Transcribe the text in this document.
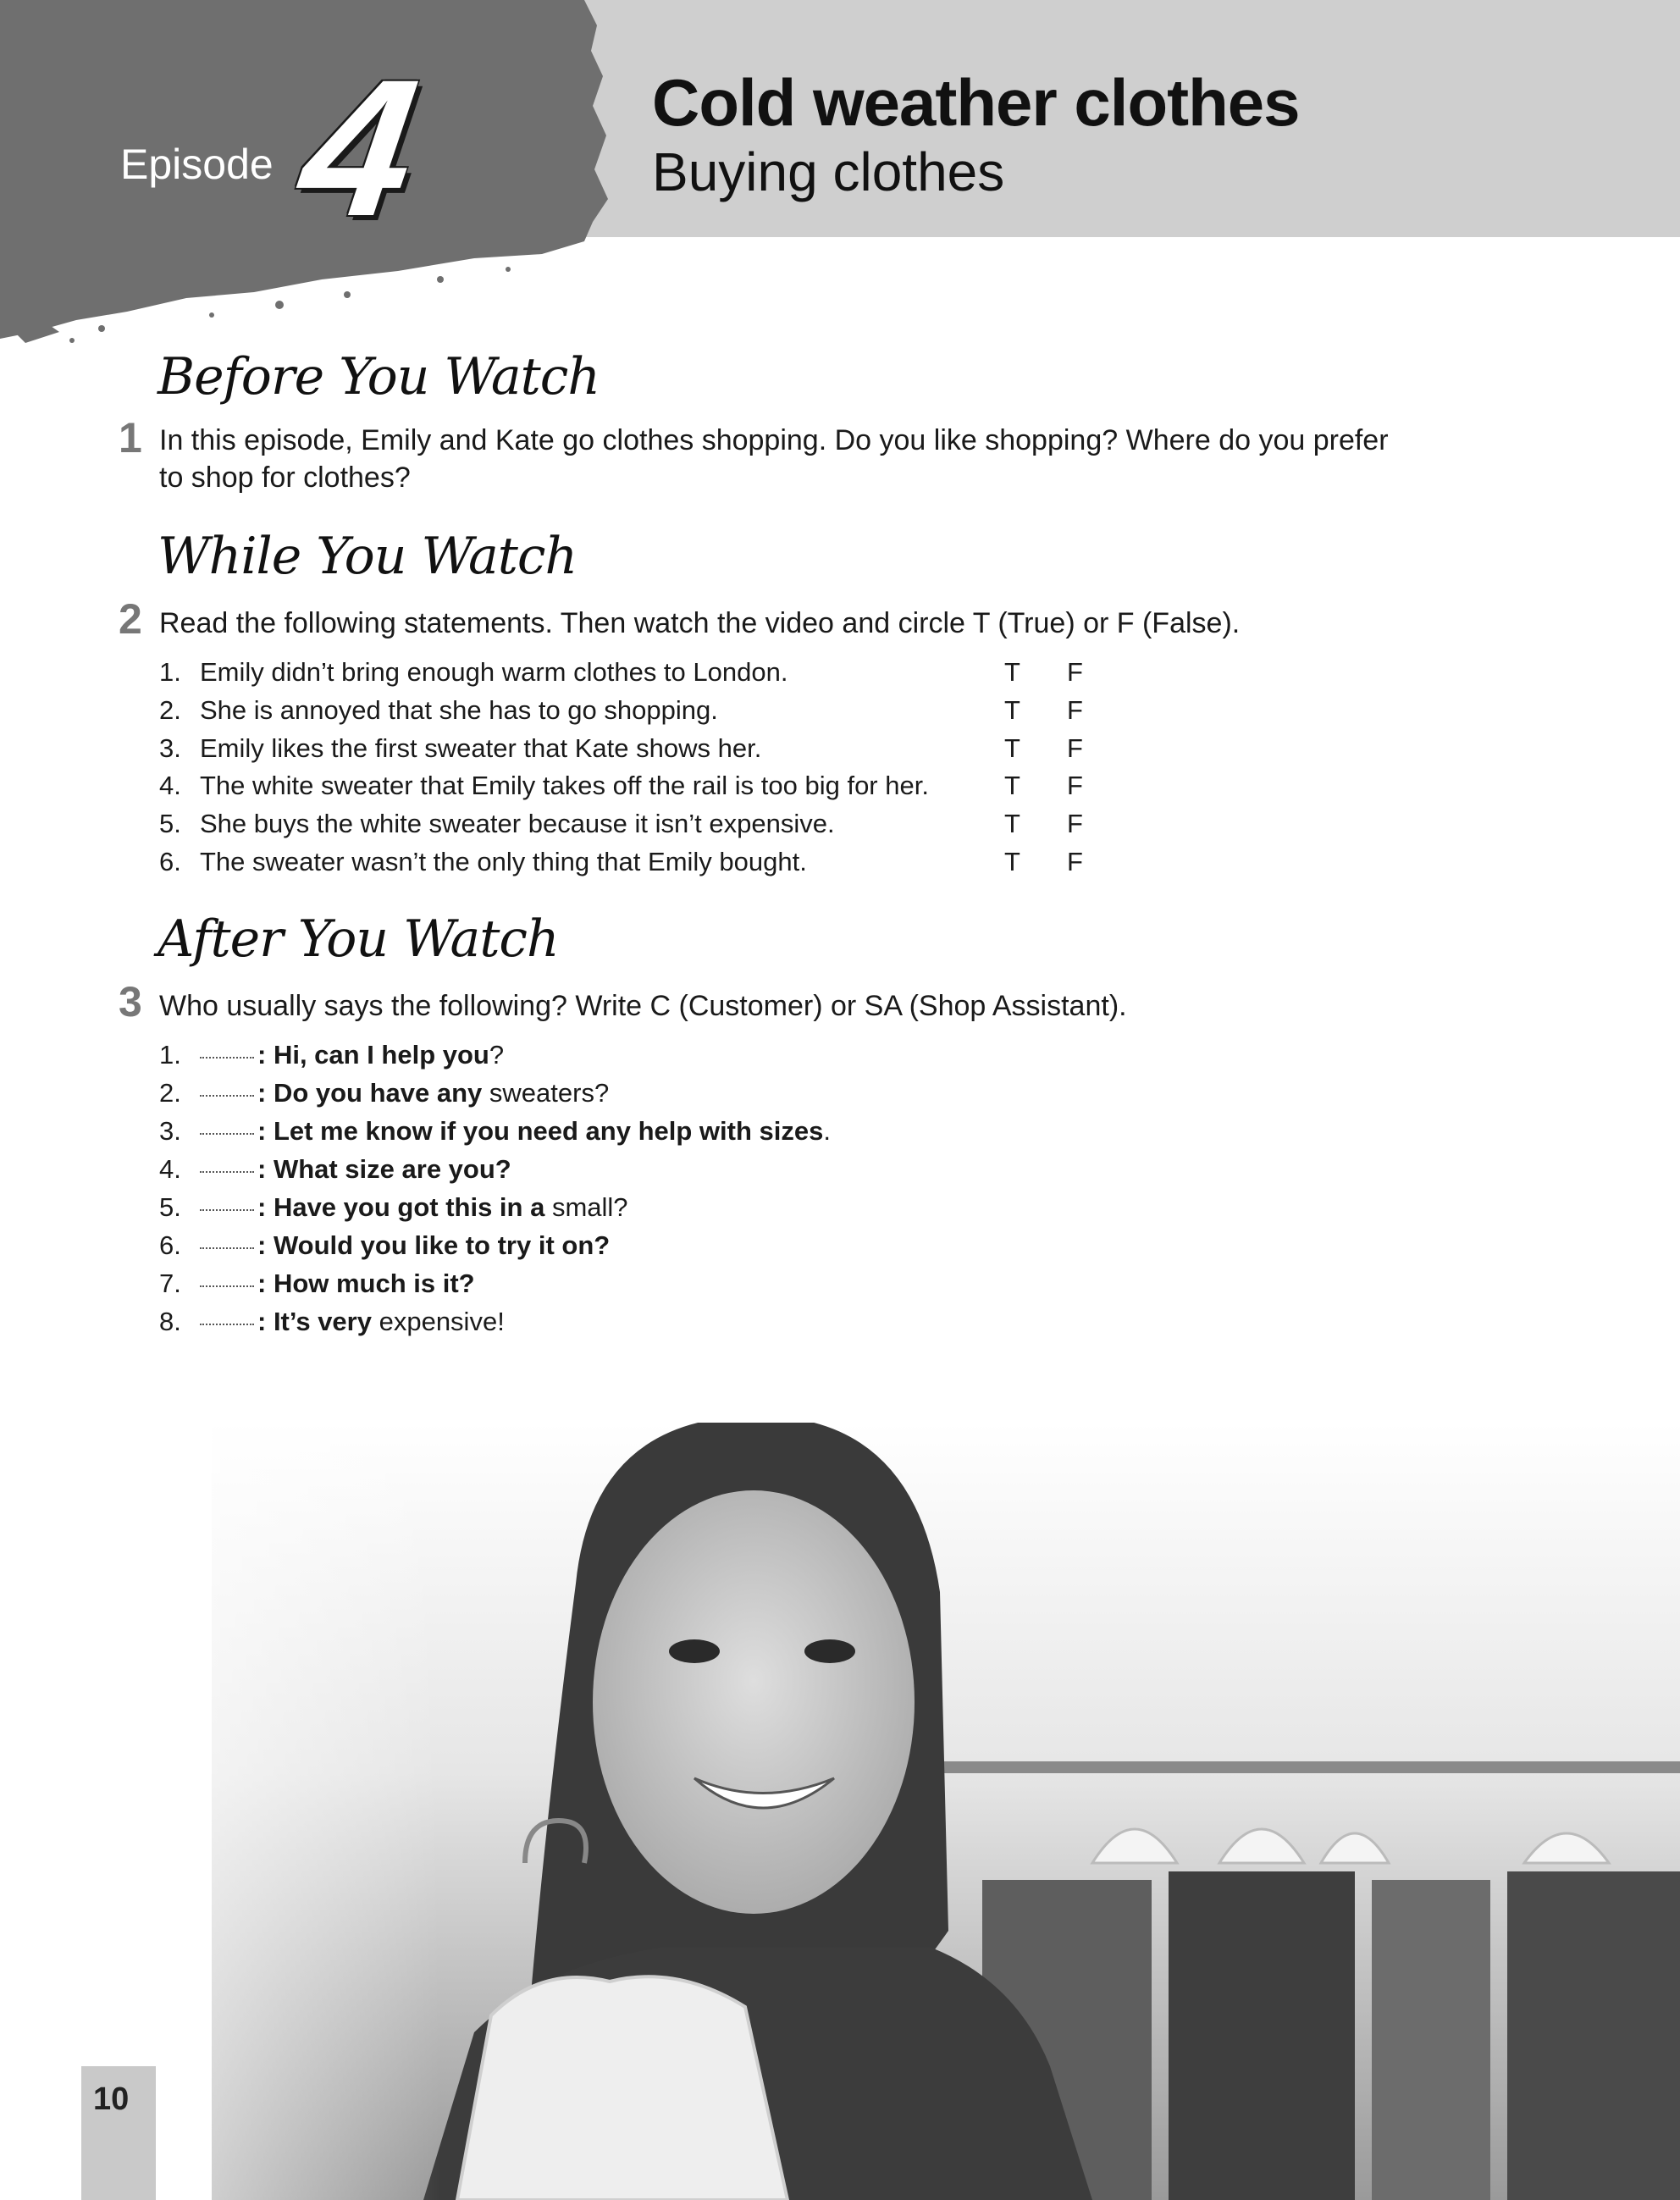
Episode 4	Cold weather clothes
Buying clothes
Before You Watch
1 In this episode, Emily and Kate go clothes shopping. Do you like shopping? Where do you prefer to shop for clothes?
While You Watch
2 Read the following statements. Then watch the video and circle T (True) or F (False).
1. Emily didn’t bring enough warm clothes to London.	T F
2. She is annoyed that she has to go shopping.	T F
3. Emily likes the first sweater that Kate shows her.	T F
4. The white sweater that Emily takes off the rail is too big for her.	T F
5. She buys the white sweater because it isn’t expensive.	T F
6. The sweater wasn’t the only thing that Emily bought.	T F
After You Watch
3 Who usually says the following? Write C (Customer) or SA (Shop Assistant).
1.	: Hi, can I help you?
2.	: Do you have any sweaters?
3.	: Let me know if you need any help with sizes.
4.	: What size are you?
5.	: Have you got this in a small?
6.	: Would you like to try it on?
7.	: How much is it?
8.	: It’s very expensive!
10
